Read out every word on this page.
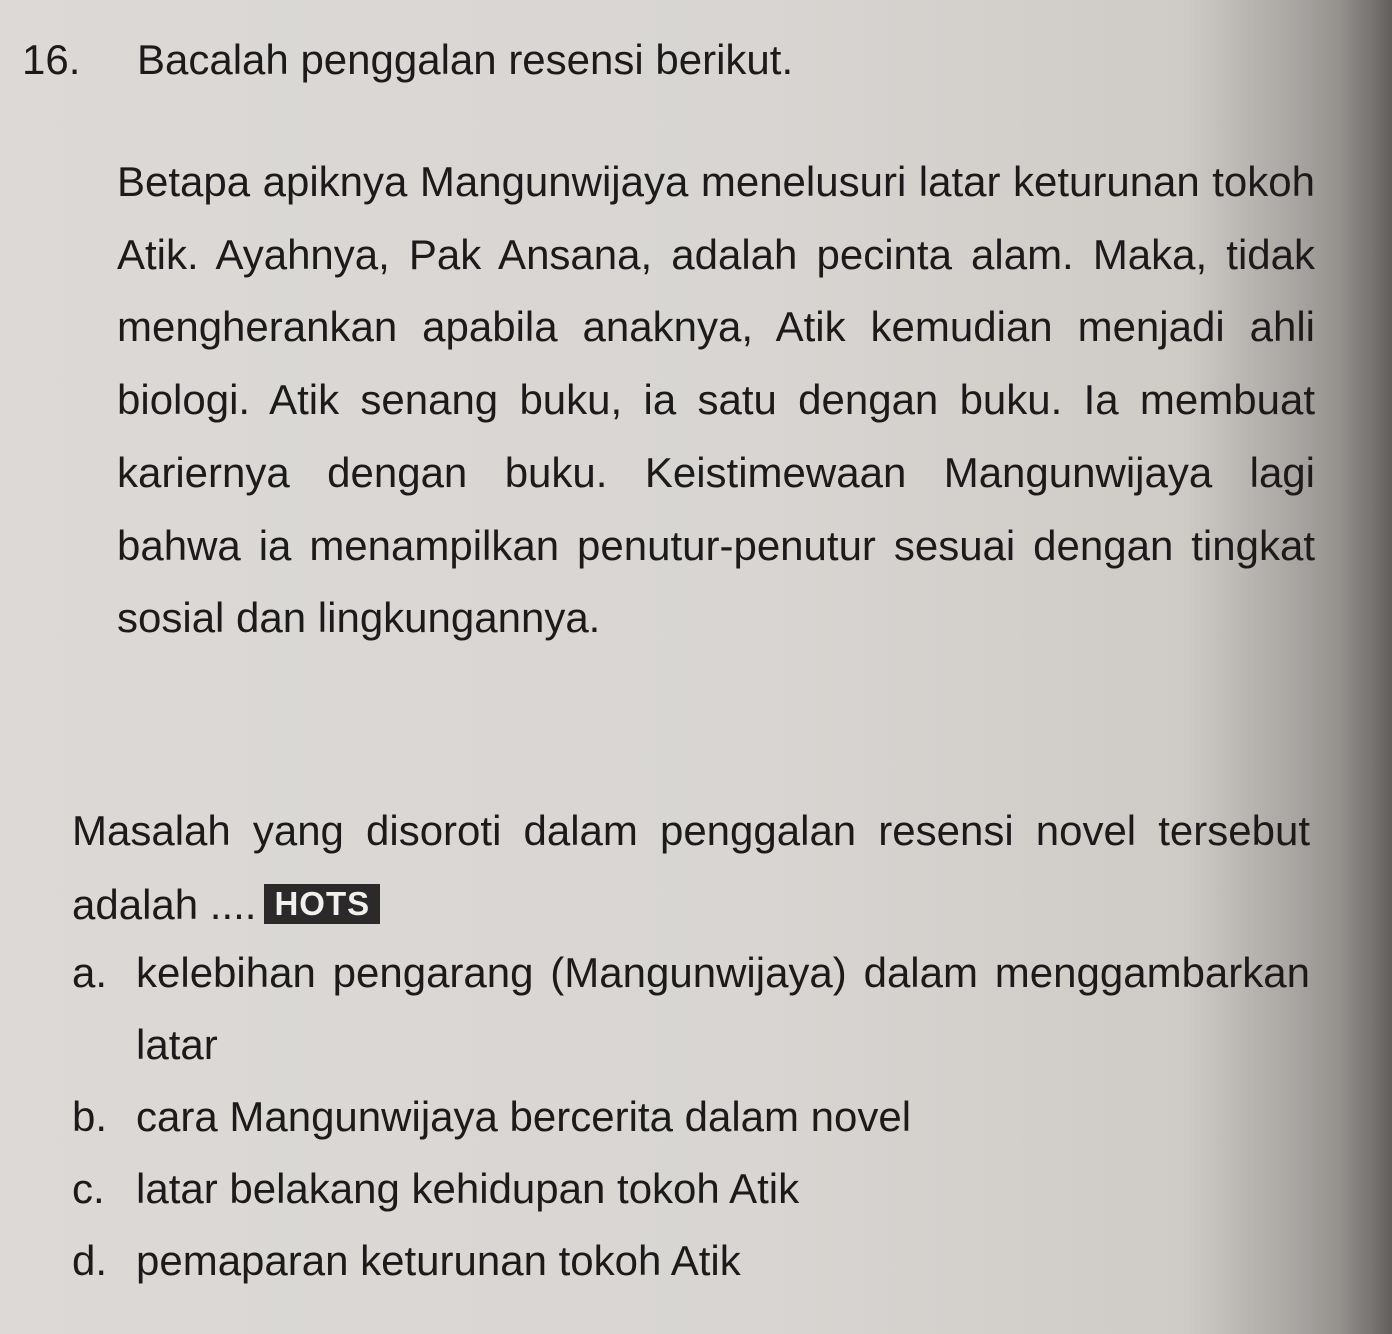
16. Bacalah penggalan resensi berikut.
Betapa apiknya Mangunwijaya menelusuri latar keturunan tokoh Atik. Ayahnya, Pak Ansana, adalah pecinta alam. Maka, tidak mengherankan apabila anaknya, Atik kemudian menjadi ahli biologi. Atik senang buku, ia satu dengan buku. Ia membuat kariernya dengan buku. Keistimewaan Mangunwijaya lagi bahwa ia menampilkan penutur-penutur sesuai dengan tingkat sosial dan lingkungannya.
Masalah yang disoroti dalam penggalan resensi novel tersebut adalah .... HOTS
a. kelebihan pengarang (Mangunwijaya) dalam menggambarkan latar
b. cara Mangunwijaya bercerita dalam novel
c. latar belakang kehidupan tokoh Atik
d. pemaparan keturunan tokoh Atik
